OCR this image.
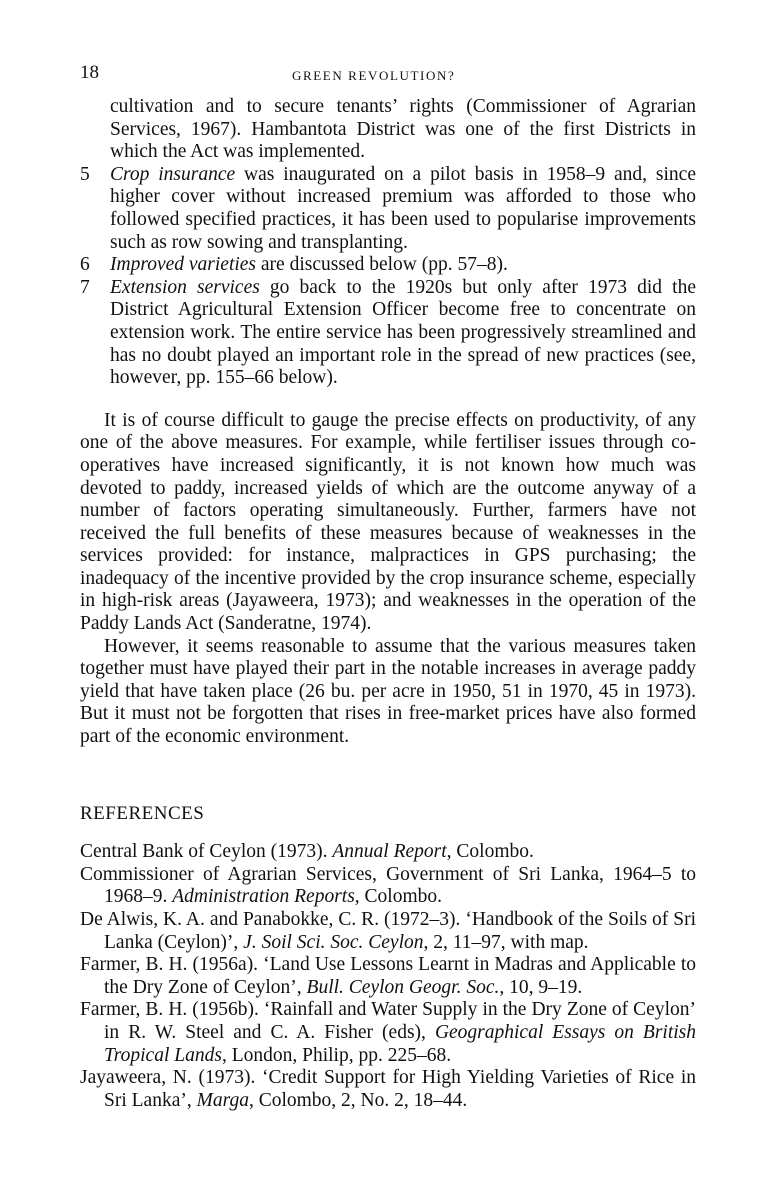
18	GREEN REVOLUTION?
cultivation and to secure tenants’ rights (Commissioner of Agrarian Services, 1967). Hambantota District was one of the first Districts in which the Act was implemented.
5 Crop insurance was inaugurated on a pilot basis in 1958–9 and, since higher cover without increased premium was afforded to those who followed specified practices, it has been used to popularise improvements such as row sowing and transplanting.
6 Improved varieties are discussed below (pp. 57–8).
7 Extension services go back to the 1920s but only after 1973 did the District Agricultural Extension Officer become free to concentrate on extension work. The entire service has been progressively streamlined and has no doubt played an important role in the spread of new practices (see, however, pp. 155–66 below).

It is of course difficult to gauge the precise effects on productivity, of any one of the above measures. For example, while fertiliser issues through co-operatives have increased significantly, it is not known how much was devoted to paddy, increased yields of which are the outcome anyway of a number of factors operating simultaneously. Further, farmers have not received the full benefits of these measures because of weaknesses in the services provided: for instance, malpractices in GPS purchasing; the inadequacy of the incentive provided by the crop insurance scheme, especially in high-risk areas (Jayaweera, 1973); and weaknesses in the operation of the Paddy Lands Act (Sanderatne, 1974).

However, it seems reasonable to assume that the various measures taken together must have played their part in the notable increases in average paddy yield that have taken place (26 bu. per acre in 1950, 51 in 1970, 45 in 1973). But it must not be forgotten that rises in free-market prices have also formed part of the economic environment.

REFERENCES

Central Bank of Ceylon (1973). Annual Report, Colombo.

Commissioner of Agrarian Services, Government of Sri Lanka, 1964–5 to 1968–9. Administration Reports, Colombo.

De Alwis, K. A. and Panabokke, C. R. (1972–3). ‘Handbook of the Soils of Sri Lanka (Ceylon)’, J. Soil Sci. Soc. Ceylon, 2, 11–97, with map.

Farmer, B. H. (1956a). ‘Land Use Lessons Learnt in Madras and Applicable to the Dry Zone of Ceylon’, Bull. Ceylon Geogr. Soc., 10, 9–19.

Farmer, B. H. (1956b). ‘Rainfall and Water Supply in the Dry Zone of Ceylon’ in R. W. Steel and C. A. Fisher (eds), Geographical Essays on British Tropical Lands, London, Philip, pp. 225–68.

Jayaweera, N. (1973). ‘Credit Support for High Yielding Varieties of Rice in Sri Lanka’, Marga, Colombo, 2, No. 2, 18–44.
